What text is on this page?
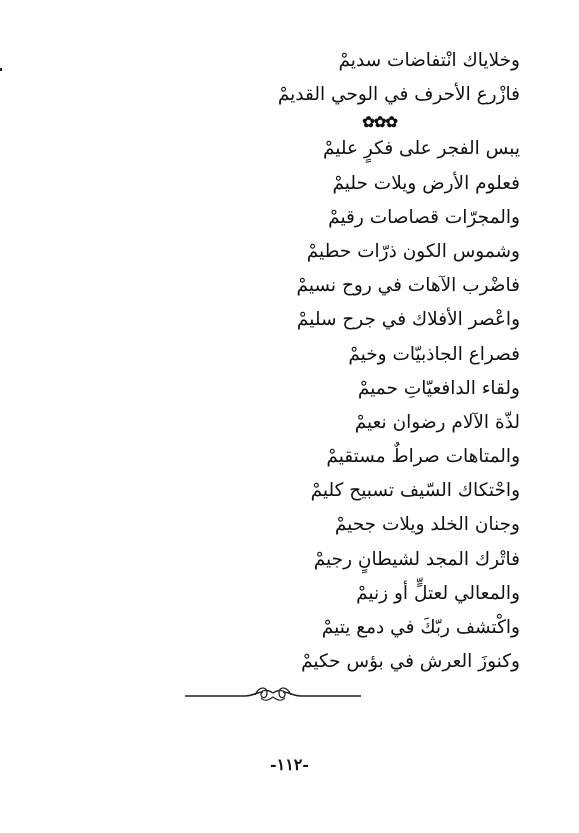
وخلاياك انْتفاضات سديمْ
فازْرع الأحرف في الوحي القديمْ
✿✿✿
يبس الفجر على فكرٍ عليمْ
فعلوم الأرض ويلات حليمْ
والمجرّات قصاصات رقيمْ
وشموس الكون ذرّات حطيمْ
فاضْرب الآهات في روح نسيمْ
واعْصر الأفلاك في جرح سليمْ
فصراع الجاذبيّات وخيمْ
ولقاء الدافعيّاتِ حميمْ
لذّة الآلام رضوان نعيمْ
والمتاهات صراطٌ مستقيمْ
واحْتكاك السّيف تسبيح كليمْ
وجنان الخلد ويلات جحيمْ
فاتْرك المجد لشيطانٍ رجيمْ
والمعالي لعتلٍّ أو زنيمْ
واكْتشف ربّكَ في دمع يتيمْ
وكنوزَ العرش في بؤس حكيمْ
-١١٢-
